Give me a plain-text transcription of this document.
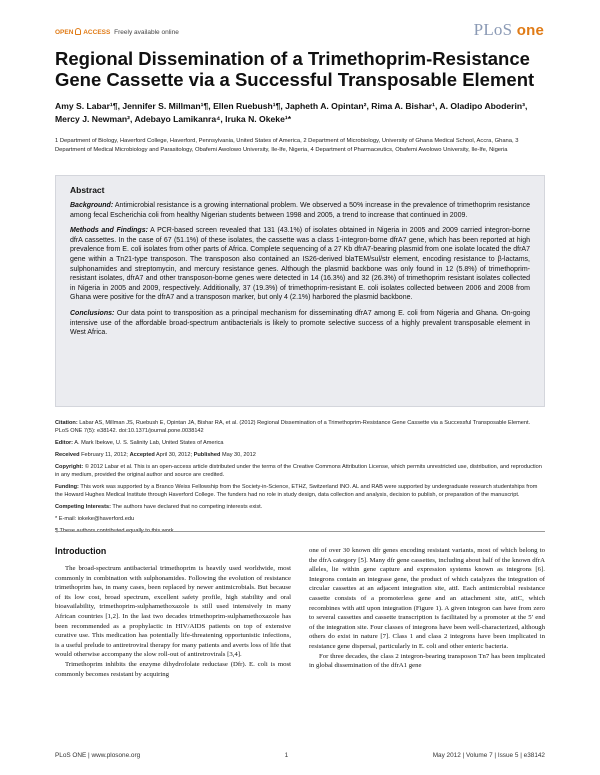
OPEN ACCESS Freely available online	PLoS one
Regional Dissemination of a Trimethoprim-Resistance Gene Cassette via a Successful Transposable Element
Amy S. Labar¹¶, Jennifer S. Millman¹¶, Ellen Ruebush¹¶, Japheth A. Opintan², Rima A. Bishar¹, A. Oladipo Aboderin³, Mercy J. Newman², Adebayo Lamikanra⁴, Iruka N. Okeke¹*
1 Department of Biology, Haverford College, Haverford, Pennsylvania, United States of America, 2 Department of Microbiology, University of Ghana Medical School, Accra, Ghana, 3 Department of Medical Microbiology and Parasitology, Obafemi Awolowo University, Ile-Ife, Nigeria, 4 Department of Pharmaceutics, Obafemi Awolowo University, Ile-Ife, Nigeria
Abstract

Background: Antimicrobial resistance is a growing international problem. We observed a 50% increase in the prevalence of trimethoprim resistance among fecal Escherichia coli from healthy Nigerian students between 1998 and 2005, a trend to increase that continued in 2009.

Methods and Findings: A PCR-based screen revealed that 131 (43.1%) of isolates obtained in Nigeria in 2005 and 2009 carried integron-borne dfrA cassettes. In the case of 67 (51.1%) of these isolates, the cassette was a class 1-integron-borne dfrA7 gene, which has been reported at high prevalence from E. coli isolates from other parts of Africa. Complete sequencing of a 27 Kb dfrA7-bearing plasmid from one isolate located the dfrA7 gene within a Tn21-type transposon. The transposon also contained an IS26-derived blaTEM/sul/str element, encoding resistance to β-lactams, sulphonamides and streptomycin, and mercury resistance genes. Although the plasmid backbone was only found in 12 (5.8%) of trimethoprim-resistant isolates, dfrA7 and other transposon-borne genes were detected in 14 (16.3%) and 32 (26.3%) of trimethoprim resistant isolates collected in Nigeria in 2005 and 2009, respectively. Additionally, 37 (19.3%) of trimethoprim-resistant E. coli isolates collected between 2006 and 2008 from Ghana were positive for the dfrA7 and a transposon marker, but only 4 (2.1%) harbored the plasmid backbone.

Conclusions: Our data point to transposition as a principal mechanism for disseminating dfrA7 among E. coli from Nigeria and Ghana. On-going intensive use of the affordable broad-spectrum antibacterials is likely to promote selective success of a highly prevalent transposable element in West Africa.

Citation: Labar AS, Millman JS, Ruebush E, Opintan JA, Bishar RA, et al. (2012) Regional Dissemination of a Trimethoprim-Resistance Gene Cassette via a Successful Transposable Element. PLoS ONE 7(5): e38142. doi:10.1371/journal.pone.0038142

Editor: A. Mark Ibekwe, U. S. Salinity Lab, United States of America

Received February 11, 2012; Accepted April 30, 2012; Published May 30, 2012

Copyright: © 2012 Labar et al. This is an open-access article distributed under the terms of the Creative Commons Attribution License, which permits unrestricted use, distribution, and reproduction in any medium, provided the original author and source are credited.

Funding: This work was supported by a Branco Weiss Fellowship from the Society-in-Science, ETHZ, Switzerland INO. AL and RAB were supported by undergraduate research studentships from the Howard Hughes Medical Institute through Haverford College. The funders had no role in study design, data collection and analysis, decision to publish, or preparation of the manuscript.

Competing Interests: The authors have declared that no competing interests exist.

* E-mail: iokeke@haverford.edu

¶ These authors contributed equally to this work.

Introduction

The broad-spectrum antibacterial trimethoprim is heavily used worldwide, most commonly in combination with sulphonamides. Following the evolution of resistance trimethoprim has, in many cases, been replaced by newer antimicrobials. But because of its low cost, broad spectrum, excellent safety profile, high stability and oral bioavailability, trimethoprim-sulphamethoxazole is still used intensively in many African countries [1,2]. In the last two decades trimethoprim-sulphamethoxazole has been recommended as a prophylactic in HIV/AIDS patients on top of extensive curative use. This medication has potentially life-threatening opportunistic infections, is a useful prelude to antiretroviral therapy for many patients and averts loss of life that would otherwise accompany the slow roll-out of antiretrovirals [3,4].

Trimethoprim inhibits the enzyme dihydrofolate reductase (Dfr). E. coli is most commonly becomes resistant by acquiring

one of over 30 known dfr genes encoding resistant variants, most of which belong to the dfrA category [5]. Many dfr gene cassettes, including about half of the known dfrA alleles, lie within gene capture and expression systems known as integrons [6]. Integrons contain an integrase gene, the product of which catalyzes the integration of circular cassettes at an adjacent integration site, attI. Each antimicrobial resistance cassette consists of a promoterless gene and an attachment site, attC, which recombines with attI upon integration (Figure 1). A given integron can have from zero to several cassettes and cassette transcription is facilitated by a promoter at the 5′ end of the integration site. Four classes of integrons have been well-characterized, although others do exist in nature [7]. Class 1 and class 2 integrons have been implicated in resistance gene dispersal, particularly in E. coli and other enteric bacteria.

For three decades, the class 2 integron-bearing transposon Tn7 has been implicated in global dissemination of the dfrA1 gene

PLoS ONE | www.plosone.org	1	May 2012 | Volume 7 | Issue 5 | e38142
